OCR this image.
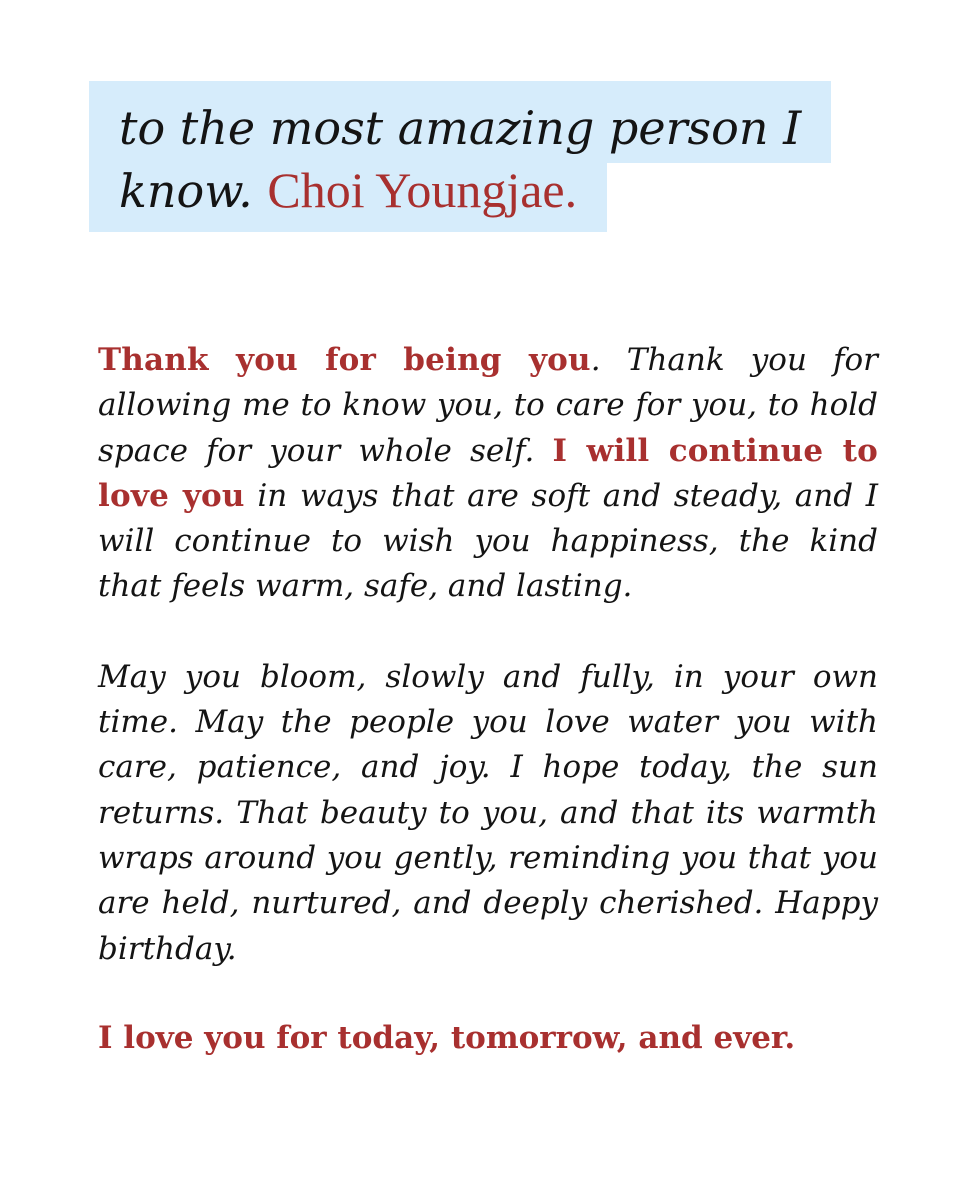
to the most amazing person I
know. Choi Youngjae.

Thank you for being you. Thank you for allowing me to know you, to care for you, to hold space for your whole self. I will continue to love you in ways that are soft and steady, and I will continue to wish you happiness, the kind that feels warm, safe, and lasting.

May you bloom, slowly and fully, in your own time. May the people you love water you with care, patience, and joy. I hope today, the sun returns. That beauty to you, and that its warmth wraps around you gently, reminding you that you are held, nurtured, and deeply cherished. Happy birthday.

I love you for today, tomorrow, and ever.
